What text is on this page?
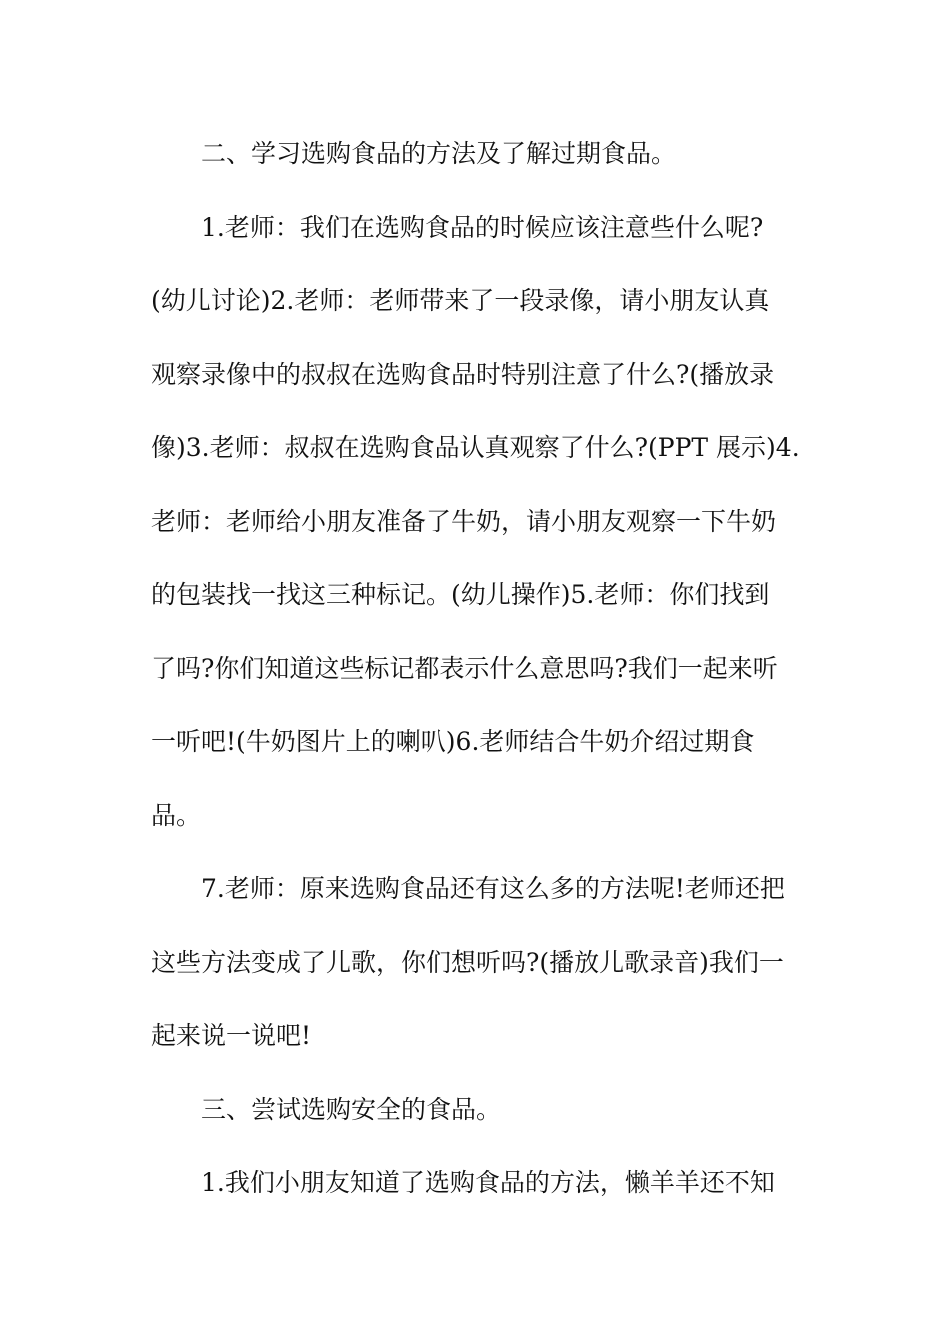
　　二、学习选购食品的方法及了解过期食品。

　　1.老师：我们在选购食品的时候应该注意些什么呢?
(幼儿讨论)2.老师：老师带来了一段录像，请小朋友认真
观察录像中的叔叔在选购食品时特别注意了什么?(播放录
像)3.老师：叔叔在选购食品认真观察了什么?(PPT 展示)4.
老师：老师给小朋友准备了牛奶，请小朋友观察一下牛奶
的包装找一找这三种标记。(幼儿操作)5.老师：你们找到
了吗?你们知道这些标记都表示什么意思吗?我们一起来听
一听吧!(牛奶图片上的喇叭)6.老师结合牛奶介绍过期食
品。

　　7.老师：原来选购食品还有这么多的方法呢!老师还把
这些方法变成了儿歌，你们想听吗?(播放儿歌录音)我们一
起来说一说吧!

　　三、尝试选购安全的食品。

　　1.我们小朋友知道了选购食品的方法，懒羊羊还不知
